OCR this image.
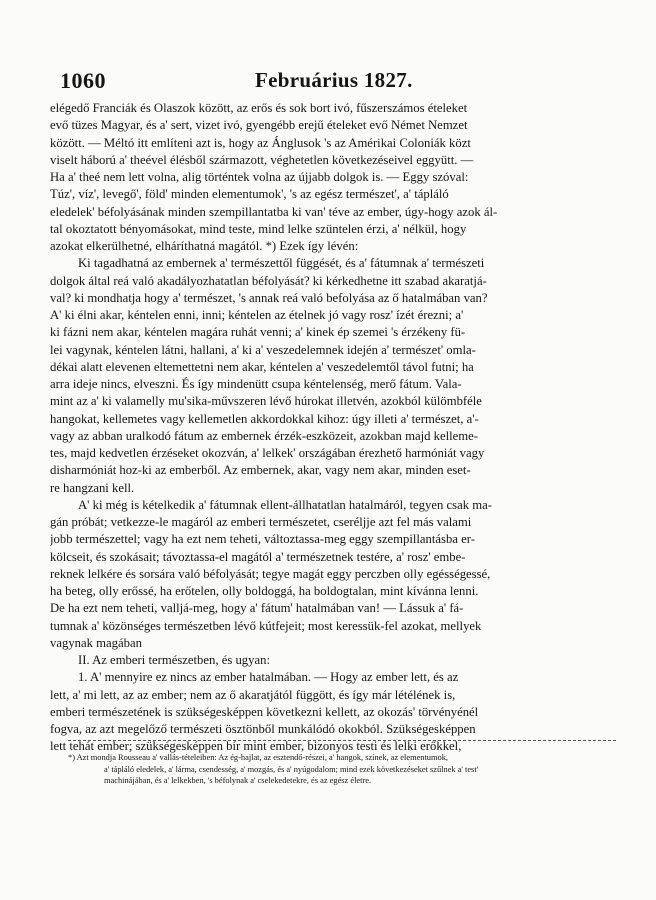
1060	Februárius 1827.
elégedő Franciák és Olaszok között, az erős és sok bort ivó, fűszerszámos ételeket
evő tüzes Magyar, és a' sert, vizet ivó, gyengébb erejű ételeket evő Német Nemzet
között. — Méltó itt említeni azt is, hogy az Ánglusok 's az Amérikai Coloniák közt
viselt háború a' theével élésből származott, véghetetlen következéseivel eggyütt. —
Ha a' theé nem lett volna, alig történtek volna az újjabb dolgok is. — Eggy szóval:
Túz', víz', levegő', föld' minden elementumok', 's az egész természet', a' tápláló
eledelek' béfolyásának minden szempillantatba ki van' téve az ember, úgy-hogy azok ál-
tal okoztatott bényomásokat, mind teste, mind lelke szüntelen érzi, a' nélkül, hogy
azokat elkerülhetné, elháríthatná magától. *) Ezek így lévén:
Ki tagadhatná az embernek a' természettől függését, és a' fátumnak a' természeti
dolgok által reá való akadályozhatatlan béfolyását? ki kérkedhetne itt szabad akaratjá-
val? ki mondhatja hogy a' természet, 's annak reá való befolyása az ő hatalmában van?
A' ki élni akar, kéntelen enni, inni; kéntelen az ételnek jó vagy rosz' ízét érezni; a'
ki fázni nem akar, kéntelen magára ruhát venni; a' kinek ép szemei 's érzékeny fü-
lei vagynak, kéntelen látni, hallani, a' ki a' veszedelemnek idején a' természet' omla-
dékai alatt elevenen eltemettetni nem akar, kéntelen a' veszedelemtől távol futni; ha
arra ideje nincs, elveszni. És így mindenütt csupa kéntelenség, merő fátum. Vala-
mint az a' ki valamelly mu'sika-művszeren lévő húrokat illetvén, azokból külömbféle
hangokat, kellemetes vagy kellemetlen akkordokkal kihoz: úgy illeti a' természet, a'-
vagy az abban uralkodó fátum az embernek érzék-eszközeit, azokban majd kelleme-
tes, majd kedvetlen érzéseket okozván, a' lelkek' országában érezhető harmóniát vagy
disharmóniát hoz-ki az emberből. Az embernek, akar, vagy nem akar, minden eset-
re hangzani kell.
A' ki még is kételkedik a' fátumnak ellent-állhatatlan hatalmáról, tegyen csak ma-
gán próbát; vetkezze-le magáról az emberi természetet, cseréljje azt fel más valami
jobb természettel; vagy ha ezt nem teheti, változtassa-meg eggy szempillantásba er-
kölcseit, és szokásait; távoztassa-el magától a' természetnek testére, a' rosz' embe-
reknek lelkére és sorsára való béfolyását; tegye magát eggy perczben olly egésségessé,
ha beteg, olly erőssé, ha erőtelen, olly boldoggá, ha boldogtalan, mint kívánna lenni.
De ha ezt nem teheti, valljá-meg, hogy a' fátum' hatalmában van! — Lássuk a' fá-
tumnak a' közönséges természetben lévő kútfejeit; most keressük-fel azokat, mellyek
vagynak magában
II. Az emberi természetben, és ugyan:
1. A' mennyire ez nincs az ember hatalmában. — Hogy az ember lett, és az
lett, a' mi lett, az az ember; nem az ő akaratjától függött, és így már létélének is,
emberi természetének is szükségesképpen következni kellett, az okozás' törvényénél
fogva, az azt megelőző természeti ösztönből munkálódó okokból. Szükségesképpen
lett tehát ember; szükségesképpen bír mint ember, bizonyos testi és lelki erőkkel,
*) Azt mondja Rousseau a' vallás-tételeiben: Az ég-hajlat, az esztendő-részei, a' hangok, színek, az elementumok,
a' tápláló eledelek, a' lárma, csendesség, a' mozgás, és a' nyúgodalom; mind ezek következéseket szűlnek a' test'
machinájában, és a' lelkekben, 's béfolynak a' cselekedetekre, és az egész életre.
